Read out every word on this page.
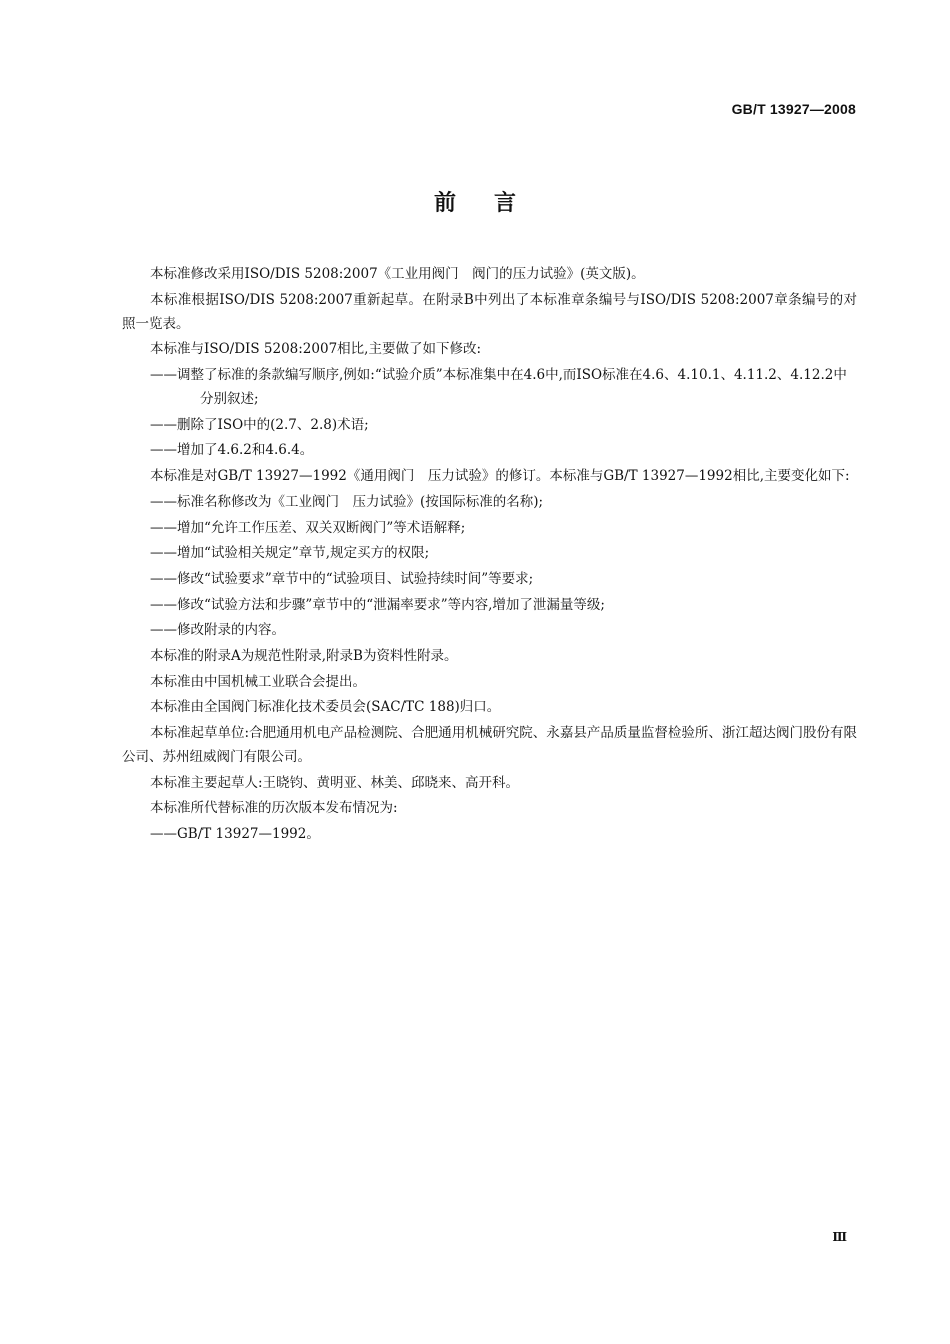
GB/T 13927—2008
前言

本标准修改采用ISO/DIS 5208:2007《工业用阀门　阀门的压力试验》(英文版)。

本标准根据ISO/DIS 5208:2007重新起草。在附录B中列出了本标准章条编号与ISO/DIS 5208:2007章条编号的对照一览表。

本标准与ISO/DIS 5208:2007相比,主要做了如下修改:

——调整了标准的条款编写顺序,例如:“试验介质”本标准集中在4.6中,而ISO标准在4.6、4.10.1、4.11.2、4.12.2中分别叙述;

——删除了ISO中的(2.7、2.8)术语;

——增加了4.6.2和4.6.4。

本标准是对GB/T 13927—1992《通用阀门　压力试验》的修订。本标准与GB/T 13927—1992相比,主要变化如下:

——标准名称修改为《工业阀门　压力试验》(按国际标准的名称);

——增加“允许工作压差、双关双断阀门”等术语解释;

——增加“试验相关规定”章节,规定买方的权限;

——修改“试验要求”章节中的“试验项目、试验持续时间”等要求;

——修改“试验方法和步骤”章节中的“泄漏率要求”等内容,增加了泄漏量等级;

——修改附录的内容。

本标准的附录A为规范性附录,附录B为资料性附录。

本标准由中国机械工业联合会提出。

本标准由全国阀门标准化技术委员会(SAC/TC 188)归口。

本标准起草单位:合肥通用机电产品检测院、合肥通用机械研究院、永嘉县产品质量监督检验所、浙江超达阀门股份有限公司、苏州纽威阀门有限公司。

本标准主要起草人:王晓钧、黄明亚、林美、邱晓来、高开科。

本标准所代替标准的历次版本发布情况为:

——GB/T 13927—1992。

Ⅲ
